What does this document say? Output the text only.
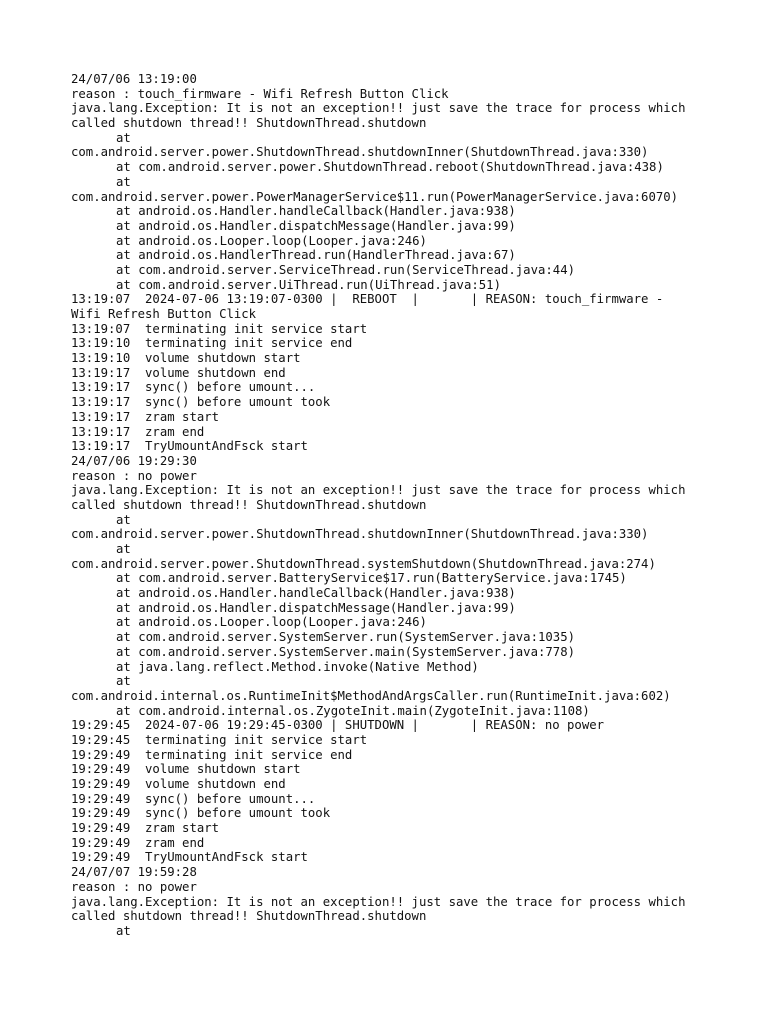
24/07/06 13:19:00
reason : touch_firmware - Wifi Refresh Button Click
java.lang.Exception: It is not an exception!! just save the trace for process which
called shutdown thread!! ShutdownThread.shutdown
at
com.android.server.power.ShutdownThread.shutdownInner(ShutdownThread.java:330)
at com.android.server.power.ShutdownThread.reboot(ShutdownThread.java:438)
at
com.android.server.power.PowerManagerService$11.run(PowerManagerService.java:6070)
at android.os.Handler.handleCallback(Handler.java:938)
at android.os.Handler.dispatchMessage(Handler.java:99)
at android.os.Looper.loop(Looper.java:246)
at android.os.HandlerThread.run(HandlerThread.java:67)
at com.android.server.ServiceThread.run(ServiceThread.java:44)
at com.android.server.UiThread.run(UiThread.java:51)
13:19:07  2024-07-06 13:19:07-0300 |  REBOOT  |       | REASON: touch_firmware -
Wifi Refresh Button Click
13:19:07  terminating init service start
13:19:10  terminating init service end
13:19:10  volume shutdown start
13:19:17  volume shutdown end
13:19:17  sync() before umount...
13:19:17  sync() before umount took
13:19:17  zram start
13:19:17  zram end
13:19:17  TryUmountAndFsck start
24/07/06 19:29:30
reason : no power
java.lang.Exception: It is not an exception!! just save the trace for process which
called shutdown thread!! ShutdownThread.shutdown
at
com.android.server.power.ShutdownThread.shutdownInner(ShutdownThread.java:330)
at
com.android.server.power.ShutdownThread.systemShutdown(ShutdownThread.java:274)
at com.android.server.BatteryService$17.run(BatteryService.java:1745)
at android.os.Handler.handleCallback(Handler.java:938)
at android.os.Handler.dispatchMessage(Handler.java:99)
at android.os.Looper.loop(Looper.java:246)
at com.android.server.SystemServer.run(SystemServer.java:1035)
at com.android.server.SystemServer.main(SystemServer.java:778)
at java.lang.reflect.Method.invoke(Native Method)
at
com.android.internal.os.RuntimeInit$MethodAndArgsCaller.run(RuntimeInit.java:602)
at com.android.internal.os.ZygoteInit.main(ZygoteInit.java:1108)
19:29:45  2024-07-06 19:29:45-0300 | SHUTDOWN |       | REASON: no power
19:29:45  terminating init service start
19:29:49  terminating init service end
19:29:49  volume shutdown start
19:29:49  volume shutdown end
19:29:49  sync() before umount...
19:29:49  sync() before umount took
19:29:49  zram start
19:29:49  zram end
19:29:49  TryUmountAndFsck start
24/07/07 19:59:28
reason : no power
java.lang.Exception: It is not an exception!! just save the trace for process which
called shutdown thread!! ShutdownThread.shutdown
at
